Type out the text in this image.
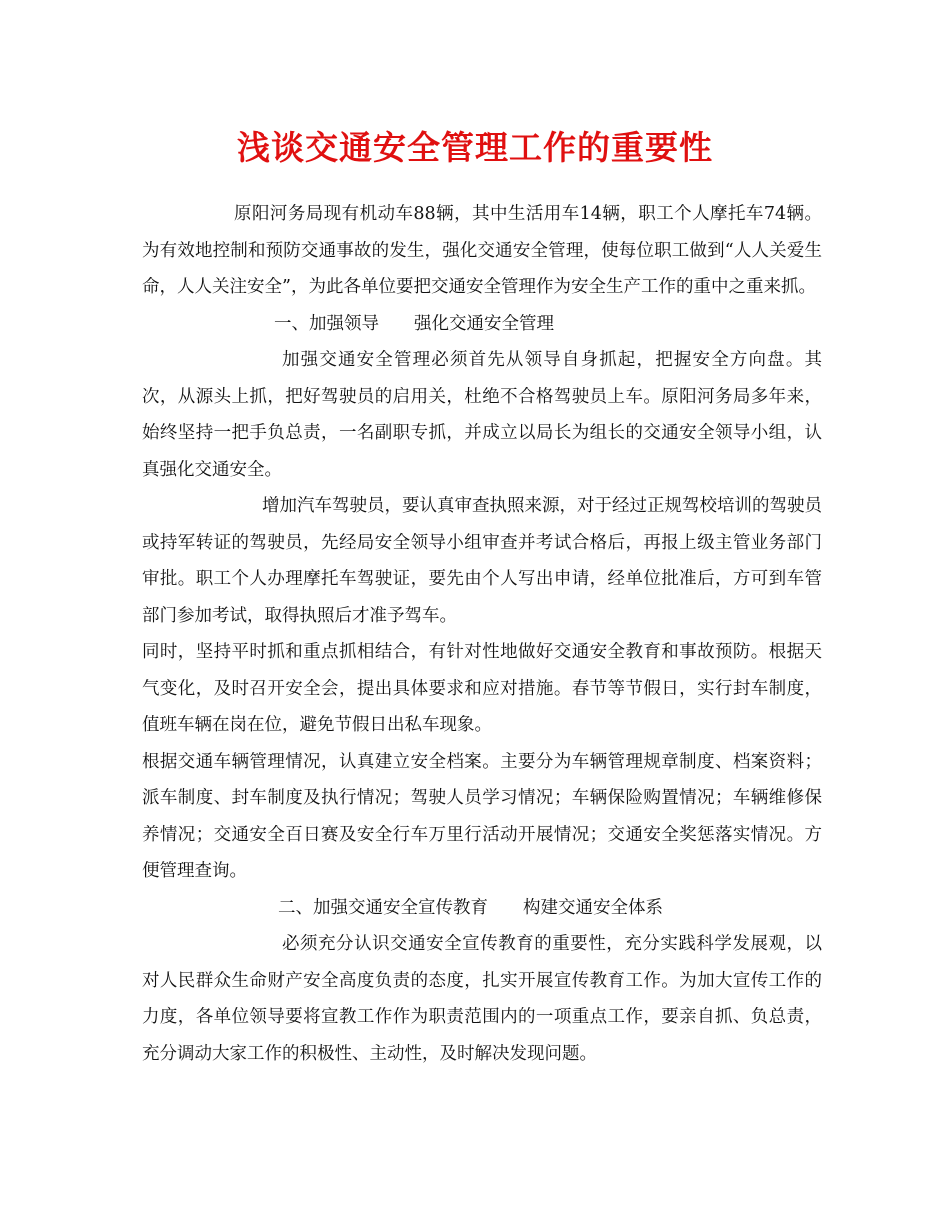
浅谈交通安全管理工作的重要性

原阳河务局现有机动车88辆，其中生活用车14辆，职工个人摩托车74辆。为有效地控制和预防交通事故的发生，强化交通安全管理，使每位职工做到“人人关爱生命，人人关注安全”，为此各单位要把交通安全管理作为安全生产工作的重中之重来抓。

一、加强领导　　强化交通安全管理

加强交通安全管理必须首先从领导自身抓起，把握安全方向盘。其次，从源头上抓，把好驾驶员的启用关，杜绝不合格驾驶员上车。原阳河务局多年来，始终坚持一把手负总责，一名副职专抓，并成立以局长为组长的交通安全领导小组，认真强化交通安全。

增加汽车驾驶员，要认真审查执照来源，对于经过正规驾校培训的驾驶员或持军转证的驾驶员，先经局安全领导小组审查并考试合格后，再报上级主管业务部门审批。职工个人办理摩托车驾驶证，要先由个人写出申请，经单位批准后，方可到车管部门参加考试，取得执照后才准予驾车。

同时，坚持平时抓和重点抓相结合，有针对性地做好交通安全教育和事故预防。根据天气变化，及时召开安全会，提出具体要求和应对措施。春节等节假日，实行封车制度，值班车辆在岗在位，避免节假日出私车现象。

根据交通车辆管理情况，认真建立安全档案。主要分为车辆管理规章制度、档案资料；派车制度、封车制度及执行情况；驾驶人员学习情况；车辆保险购置情况；车辆维修保养情况；交通安全百日赛及安全行车万里行活动开展情况；交通安全奖惩落实情况。方便管理查询。

二、加强交通安全宣传教育　　构建交通安全体系

必须充分认识交通安全宣传教育的重要性，充分实践科学发展观，以对人民群众生命财产安全高度负责的态度，扎实开展宣传教育工作。为加大宣传工作的力度，各单位领导要将宣教工作作为职责范围内的一项重点工作，要亲自抓、负总责，充分调动大家工作的积极性、主动性，及时解决发现问题。
